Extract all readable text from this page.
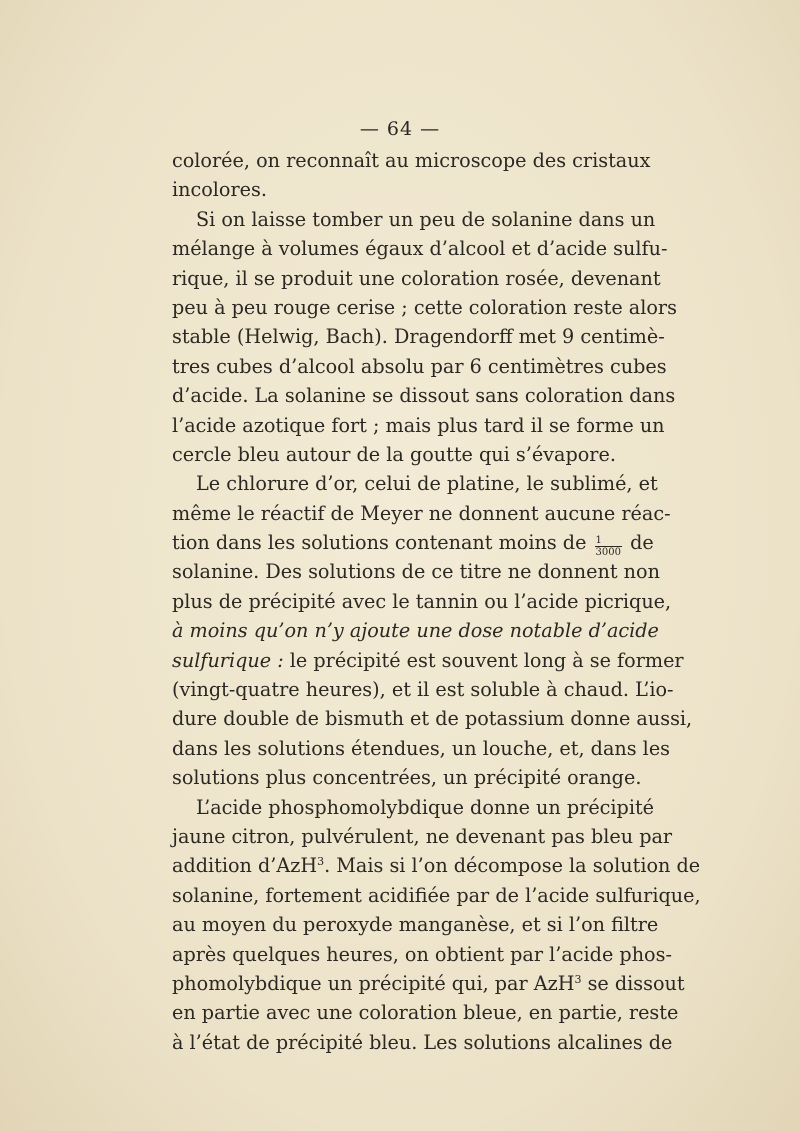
— 64 —
colorée, on reconnaît au microscope des cristaux
incolores.
Si on laisse tomber un peu de solanine dans un
mélange à volumes égaux d’alcool et d’acide sulfu-
rique, il se produit une coloration rosée, devenant
peu à peu rouge cerise ; cette coloration reste alors
stable (Helwig, Bach). Dragendorff met 9 centimè-
tres cubes d’alcool absolu par 6 centimètres cubes
d’acide. La solanine se dissout sans coloration dans
l’acide azotique fort ; mais plus tard il se forme un
cercle bleu autour de la goutte qui s’évapore.
Le chlorure d’or, celui de platine, le sublimé, et
même le réactif de Meyer ne donnent aucune réac-
tion dans les solutions contenant moins de $\frac{1}{3000}$ de
solanine. Des solutions de ce titre ne donnent non
plus de précipité avec le tannin ou l’acide picrique,
à moins qu’on n’y ajoute une dose notable d’acide
sulfurique : le précipité est souvent long à se former
(vingt-quatre heures), et il est soluble à chaud. L’io-
dure double de bismuth et de potassium donne aussi,
dans les solutions étendues, un louche, et, dans les
solutions plus concentrées, un précipité orange.
L’acide phosphomolybdique donne un précipité
jaune citron, pulvérulent, ne devenant pas bleu par
addition d’AzH$^3$. Mais si l’on décompose la solution de
solanine, fortement acidifiée par de l’acide sulfurique,
au moyen du peroxyde manganèse, et si l’on filtre
après quelques heures, on obtient par l’acide phos-
phomolybdique un précipité qui, par AzH$^3$ se dissout
en partie avec une coloration bleue, en partie, reste
à l’état de précipité bleu. Les solutions alcalines de
